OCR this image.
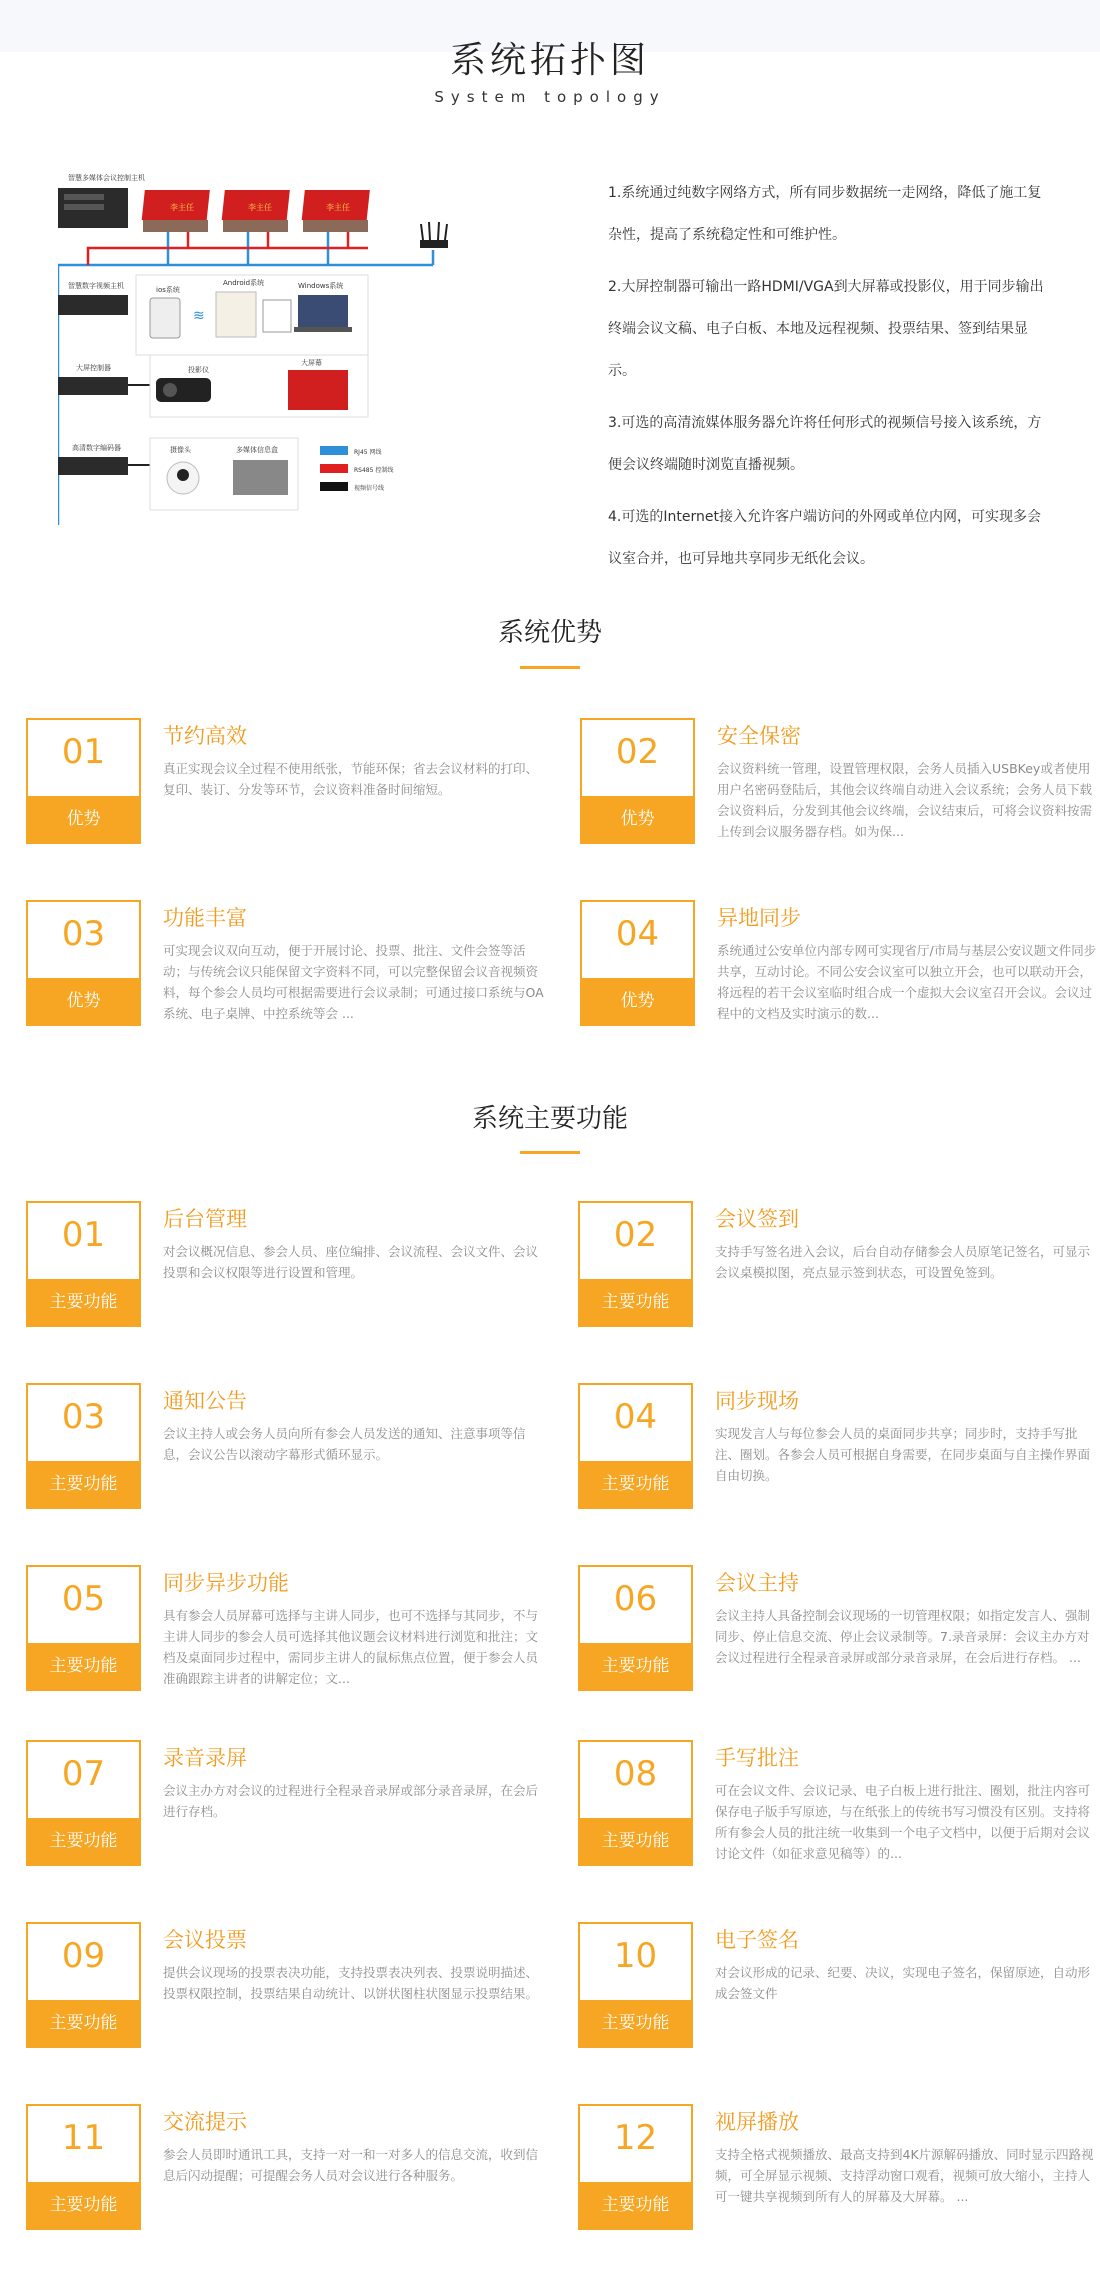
系统拓扑图
System topology
智慧多媒体会议控制主机
李主任	李主任	李主任
智慧数字视频主机	ios系统
Android系统	Windows系统
≋
大屏控制器	投影仪
大屏幕
高清数字编码器	摄像头	多媒体信息盒	RJ45 网线
RS485 控制线
视频信号线

1.系统通过纯数字网络方式，所有同步数据统一走网络，降低了施工复杂性，提高了系统稳定性和可维护性。

2.大屏控制器可输出一路HDMI/VGA到大屏幕或投影仪，用于同步输出终端会议文稿、电子白板、本地及远程视频、投票结果、签到结果显示。

3.可选的高清流媒体服务器允许将任何形式的视频信号接入该系统，方便会议终端随时浏览直播视频。

4.可选的Internet接入允许客户端访问的外网或单位内网，可实现多会议室合并，也可异地共享同步无纸化会议。

系统优势
01
优势
节约高效
真正实现会议全过程不使用纸张，节能环保；省去会议材料的打印、复印、装订、分发等环节，会议资料准备时间缩短。
02
优势
安全保密
会议资料统一管理，设置管理权限，会务人员插入USBKey或者使用用户名密码登陆后，其他会议终端自动进入会议系统；会务人员下载会议资料后，分发到其他会议终端，会议结束后，可将会议资料按需上传到会议服务器存档。如为保...
03
优势
功能丰富
可实现会议双向互动，便于开展讨论、投票、批注、文件会签等活动；与传统会议只能保留文字资料不同，可以完整保留会议音视频资料，每个参会人员均可根据需要进行会议录制；可通过接口系统与OA系统、电子桌牌、中控系统等会 ...
04
优势
异地同步
系统通过公安单位内部专网可实现省厅/市局与基层公安议题文件同步共享，互动讨论。不同公安会议室可以独立开会，也可以联动开会，将远程的若干会议室临时组合成一个虚拟大会议室召开会议。会议过程中的文档及实时演示的数...
系统主要功能
01
主要功能
后台管理
对会议概况信息、参会人员、座位编排、会议流程、会议文件、会议投票和会议权限等进行设置和管理。
02
主要功能
会议签到
支持手写签名进入会议，后台自动存储参会人员原笔记签名，可显示会议桌模拟图，亮点显示签到状态，可设置免签到。
03
主要功能
通知公告
会议主持人或会务人员向所有参会人员发送的通知、注意事项等信息，会议公告以滚动字幕形式循环显示。
04
主要功能
同步现场
实现发言人与每位参会人员的桌面同步共享；同步时，支持手写批注、圈划。各参会人员可根据自身需要，在同步桌面与自主操作界面自由切换。
05
主要功能
同步异步功能
具有参会人员屏幕可选择与主讲人同步，也可不选择与其同步，不与主讲人同步的参会人员可选择其他议题会议材料进行浏览和批注；文档及桌面同步过程中，需同步主讲人的鼠标焦点位置，便于参会人员准确跟踪主讲者的讲解定位；文...
06
主要功能
会议主持
会议主持人具备控制会议现场的一切管理权限；如指定发言人、强制同步、停止信息交流、停止会议录制等。7.录音录屏：会议主办方对会议过程进行全程录音录屏或部分录音录屏，在会后进行存档。 ...
07
主要功能
录音录屏
会议主办方对会议的过程进行全程录音录屏或部分录音录屏，在会后进行存档。
08
主要功能
手写批注
可在会议文件、会议记录、电子白板上进行批注、圈划，批注内容可保存电子版手写原迹，与在纸张上的传统书写习惯没有区别。支持将所有参会人员的批注统一收集到一个电子文档中，以便于后期对会议讨论文件（如征求意见稿等）的...
09
主要功能
会议投票
提供会议现场的投票表决功能，支持投票表决列表、投票说明描述、投票权限控制，投票结果自动统计、以饼状图柱状图显示投票结果。
10
主要功能
电子签名
对会议形成的记录、纪要、决议，实现电子签名，保留原迹，自动形成会签文件
11
主要功能
交流提示
参会人员即时通讯工具，支持一对一和一对多人的信息交流，收到信息后闪动提醒；可提醒会务人员对会议进行各种服务。
12
主要功能
视屏播放
支持全格式视频播放、最高支持到4K片源解码播放、同时显示四路视频，可全屏显示视频、支持浮动窗口观看，视频可放大缩小，主持人可一键共享视频到所有人的屏幕及大屏幕。 ...
